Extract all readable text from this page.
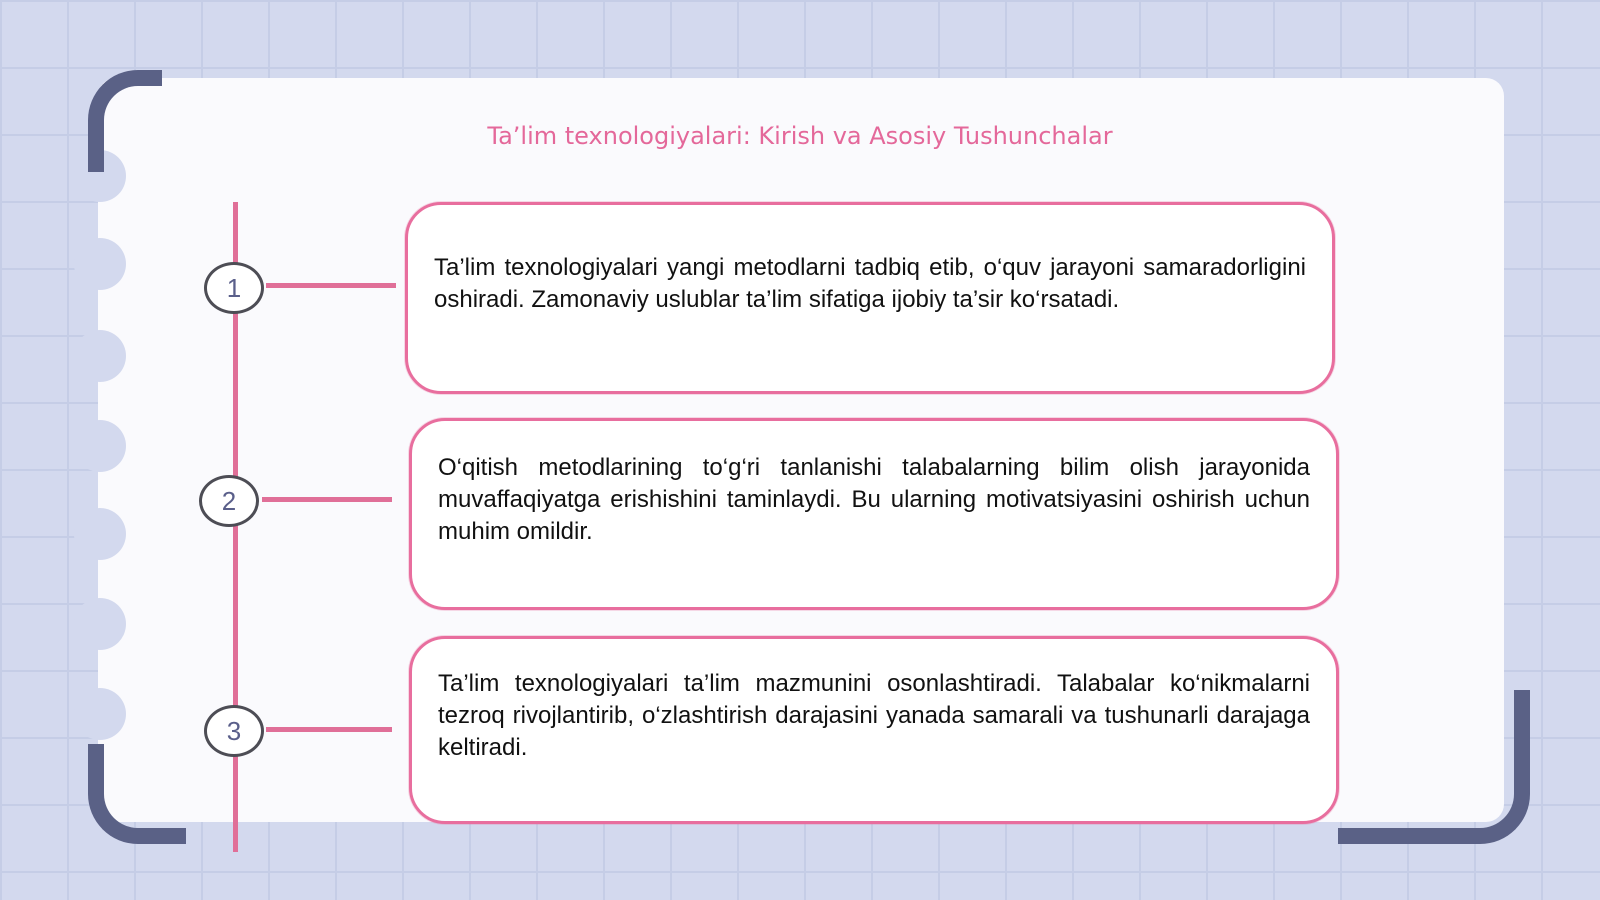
Ta’lim texnologiyalari: Kirish va Asosiy Tushunchalar
1
2
3

Ta’lim texnologiyalari yangi metodlarni tadbiq etib, o‘quv jarayoni samaradorligini oshiradi. Zamonaviy uslublar ta’lim sifatiga ijobiy ta’sir ko‘rsatadi.

O‘qitish metodlarining to‘g‘ri tanlanishi talabalarning bilim olish jarayonida muvaffaqiyatga erishishini taminlaydi. Bu ularning motivatsiyasini oshirish uchun muhim omildir.

Ta’lim texnologiyalari ta’lim mazmunini osonlashtiradi. Talabalar ko‘nikmalarni tezroq rivojlantirib, o‘zlashtirish darajasini yanada samarali va tushunarli darajaga keltiradi.
